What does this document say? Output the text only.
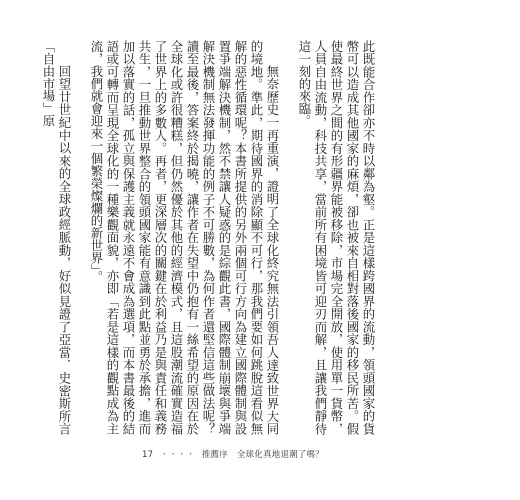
此既能合作卻亦不時以鄰為壑。正是這樣跨國界的流動，領頭國家的貨幣可以造成其他國家的麻煩，卻也被來自相對落後國家的移民所苦。假使最終世界之間的有形疆界能被移除，市場完全開放，使用單一貨幣，人員自由流動，科技共享，當前所有困境皆可迎刃而解，且讓我們靜待這一刻的來臨。

無奈歷史一再重演，證明了全球化終究無法引領吾人達致世界大同的境地。準此，期待國界的消除顯不可行，那我們要如何跳脫這看似無解的惡性循環呢？本書所提供的另外兩個可行方向為建立國際體制與設置爭端解決機制，然不禁讓人疑惑的是綜觀此書，國際體制崩壞與爭端解決機制無法發揮功能的例子不可勝數，為何作者還堅信這些做法呢？讀至最後，答案終於揭曉，讓作者在失望中仍抱有一絲希望的原因在於全球化或許很糟糕，但仍然優於其他的經濟模式，且這股潮流確實造福了世界上的多數人。再者，更深層次的關鍵在於利益乃是與責任和義務共生，一旦推動世界整合的領頭國家能有意識到此點並勇於承擔，進而加以落實的話，孤立與保護主義就永遠不會成為選項，而本書最後的結語或可轉而呈現全球化的一種樂觀面貌，亦即「若是這樣的觀點成為主流，我們就會迎來一個繁榮燦爛的新世界」。

回望廿世紀中以來的全球政經脈動，好似見證了亞當．史密斯所言「自由市場」原

17 ・・・・ 推薦序 全球化真地退潮了嗎？
